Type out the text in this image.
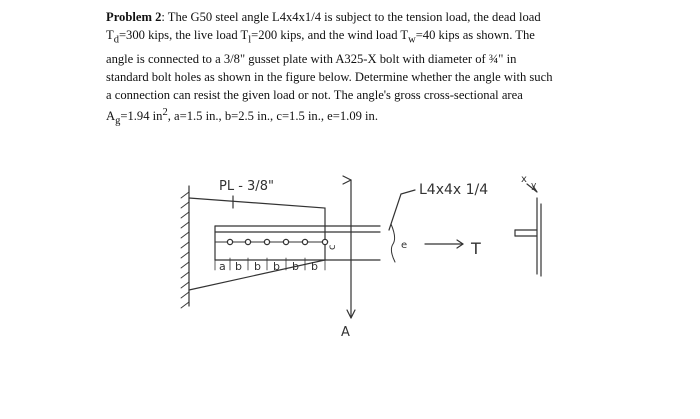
Problem 2: The G50 steel angle L4x4x1/4 is subject to the tension load, the dead load
$T_d=300$ kips, the live load $T_l=200$ kips, and the wind load $T_w=40$ kips as shown. The
angle is connected to a 3/8" gusset plate with A325-X bolt with diameter of ¾" in
standard bolt holes as shown in the figure below. Determine whether the angle with such
a connection can resist the given load or not. The angle's gross cross-sectional area
$A_g=1.94$ $in^2$, a=1.5 in., b=2.5 in., c=1.5 in., e=1.09 in.
PL - 3/8"	L4x4x 1/4
T
A
a b b b b b
c	e
x
y
